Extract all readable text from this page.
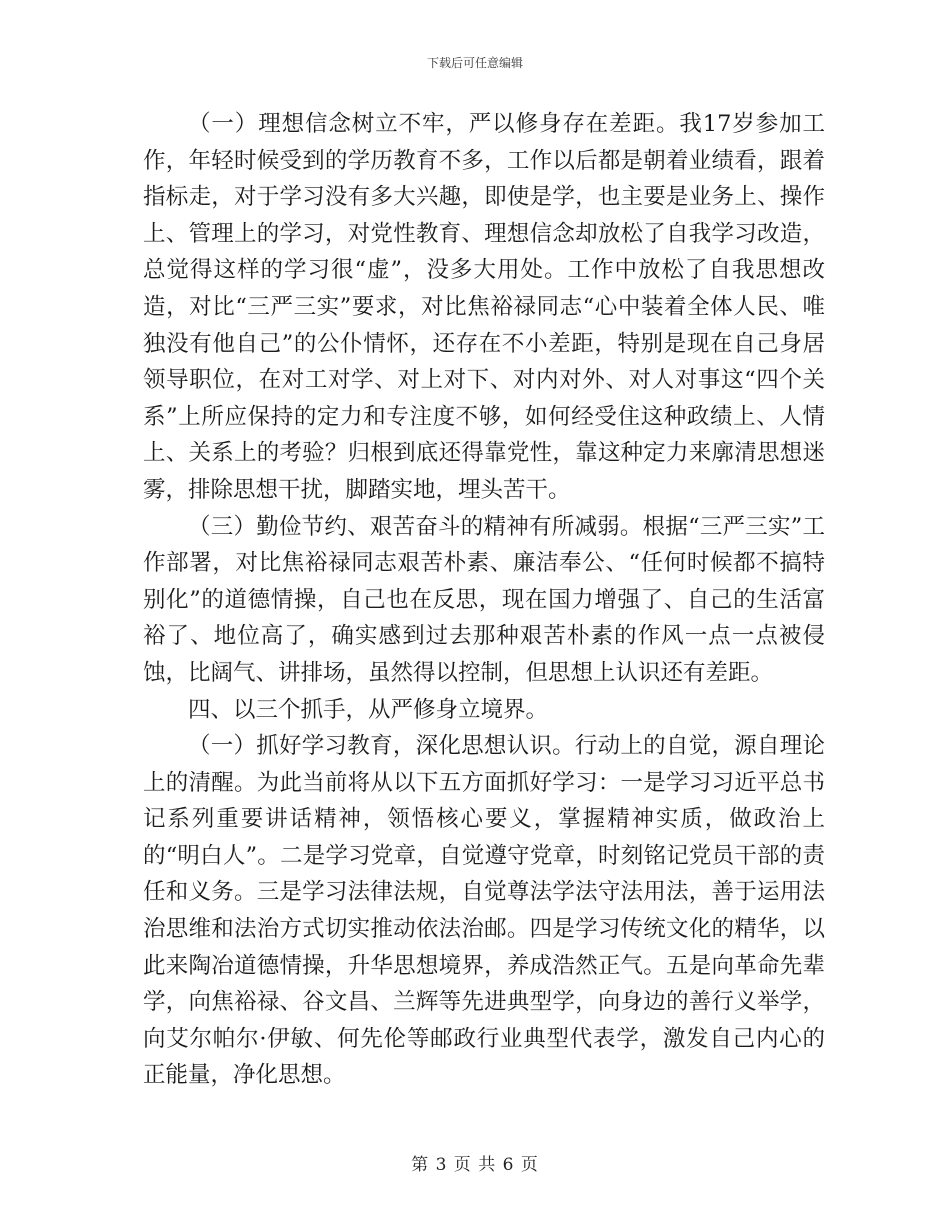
下载后可任意编辑

（一）理想信念树立不牢，严以修身存在差距。我17岁参加工作，年轻时候受到的学历教育不多，工作以后都是朝着业绩看，跟着指标走，对于学习没有多大兴趣，即使是学，也主要是业务上、操作上、管理上的学习，对党性教育、理想信念却放松了自我学习改造，总觉得这样的学习很“虚”，没多大用处。工作中放松了自我思想改造，对比“三严三实”要求，对比焦裕禄同志“心中装着全体人民、唯独没有他自己”的公仆情怀，还存在不小差距，特别是现在自己身居领导职位，在对工对学、对上对下、对内对外、对人对事这“四个关系”上所应保持的定力和专注度不够，如何经受住这种政绩上、人情上、关系上的考验？归根到底还得靠党性，靠这种定力来廓清思想迷雾，排除思想干扰，脚踏实地，埋头苦干。

（三）勤俭节约、艰苦奋斗的精神有所减弱。根据“三严三实”工作部署，对比焦裕禄同志艰苦朴素、廉洁奉公、“任何时候都不搞特别化”的道德情操，自己也在反思，现在国力增强了、自己的生活富裕了、地位高了，确实感到过去那种艰苦朴素的作风一点一点被侵蚀，比阔气、讲排场，虽然得以控制，但思想上认识还有差距。

四、以三个抓手，从严修身立境界。

（一）抓好学习教育，深化思想认识。行动上的自觉，源自理论上的清醒。为此当前将从以下五方面抓好学习：一是学习习近平总书记系列重要讲话精神，领悟核心要义，掌握精神实质，做政治上的“明白人”。二是学习党章，自觉遵守党章，时刻铭记党员干部的责任和义务。三是学习法律法规，自觉尊法学法守法用法，善于运用法治思维和法治方式切实推动依法治邮。四是学习传统文化的精华，以此来陶冶道德情操，升华思想境界，养成浩然正气。五是向革命先辈学，向焦裕禄、谷文昌、兰辉等先进典型学，向身边的善行义举学，向艾尔帕尔·伊敏、何先伦等邮政行业典型代表学，激发自己内心的正能量，净化思想。

第 3 页 共 6 页
